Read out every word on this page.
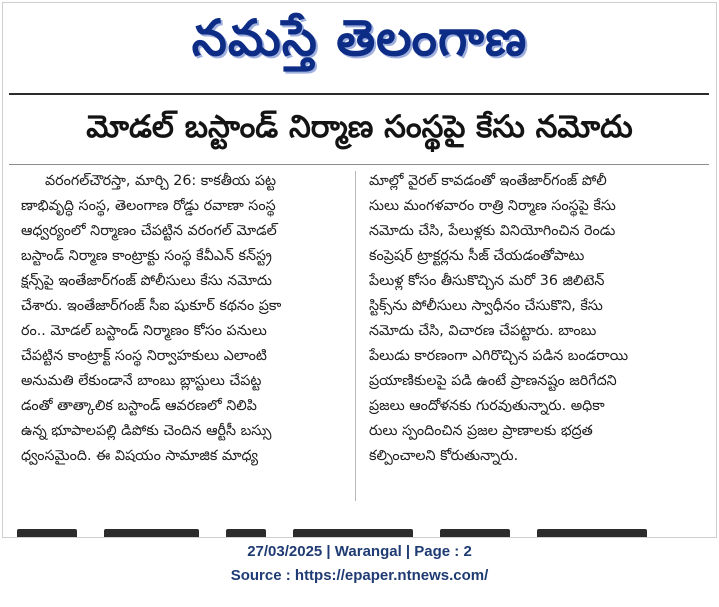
నమస్తే తెలంగాణ
మోడల్ బస్టాండ్ నిర్మాణ సంస్థపై కేసు నమోదు
వరంగల్‌చౌరస్తా, మార్చి 26: కాకతీయ పట్ట
ణాభివృద్ధి సంస్థ, తెలంగాణ రోడ్డు రవాణా సంస్థ
ఆధ్వర్యంలో నిర్మాణం చేపట్టిన వరంగల్ మోడల్
బస్టాండ్ నిర్మాణ కాంట్రాక్టు సంస్థ కేవీఎన్ కన్‌స్ట్ర
క్షన్స్‌పై ఇంతేజార్‌గంజ్ పోలీసులు కేసు నమోదు
చేశారు. ఇంతేజార్‌గంజ్ సీఐ షుకూర్ కథనం ప్రకా
రం.. మోడల్ బస్టాండ్ నిర్మాణం కోసం పనులు
చేపట్టిన కాంట్రాక్ట్ సంస్థ నిర్వాహకులు ఎలాంటి
అనుమతి లేకుండానే బాంబు బ్లాస్టులు చేపట్ట
డంతో తాత్కాలిక బస్టాండ్ ఆవరణలో నిలిపి
ఉన్న భూపాలపల్లి డిపోకు చెందిన ఆర్టీసీ బస్సు
ధ్వంసమైంది. ఈ విషయం సామాజిక మాధ్య
మాల్లో వైరల్ కావడంతో ఇంతేజార్‌గంజ్ పోలీ
సులు మంగళవారం రాత్రి నిర్మాణ సంస్థపై కేసు
నమోదు చేసి, పేలుళ్లకు వినియోగించిన రెండు
కంప్రెషర్ ట్రాక్టర్లను సీజ్ చేయడంతోపాటు
పేలుళ్ల కోసం తీసుకొచ్చిన మరో 36 జిలిటెన్
స్టిక్స్‌ను పోలీసులు స్వాధీనం చేసుకొని, కేసు
నమోదు చేసి, విచారణ చేపట్టారు. బాంబు
పేలుడు కారణంగా ఎగిరొచ్చిన పడిన బండరాయి
ప్రయాణికులపై పడి ఉంటే ప్రాణనష్టం జరిగేదని
ప్రజలు ఆందోళనకు గురవుతున్నారు. అధికా
రులు స్పందించిన ప్రజల ప్రాణాలకు భద్రత
కల్పించాలని కోరుతున్నారు.

27/03/2025 | Warangal | Page : 2
Source : https://epaper.ntnews.com/
